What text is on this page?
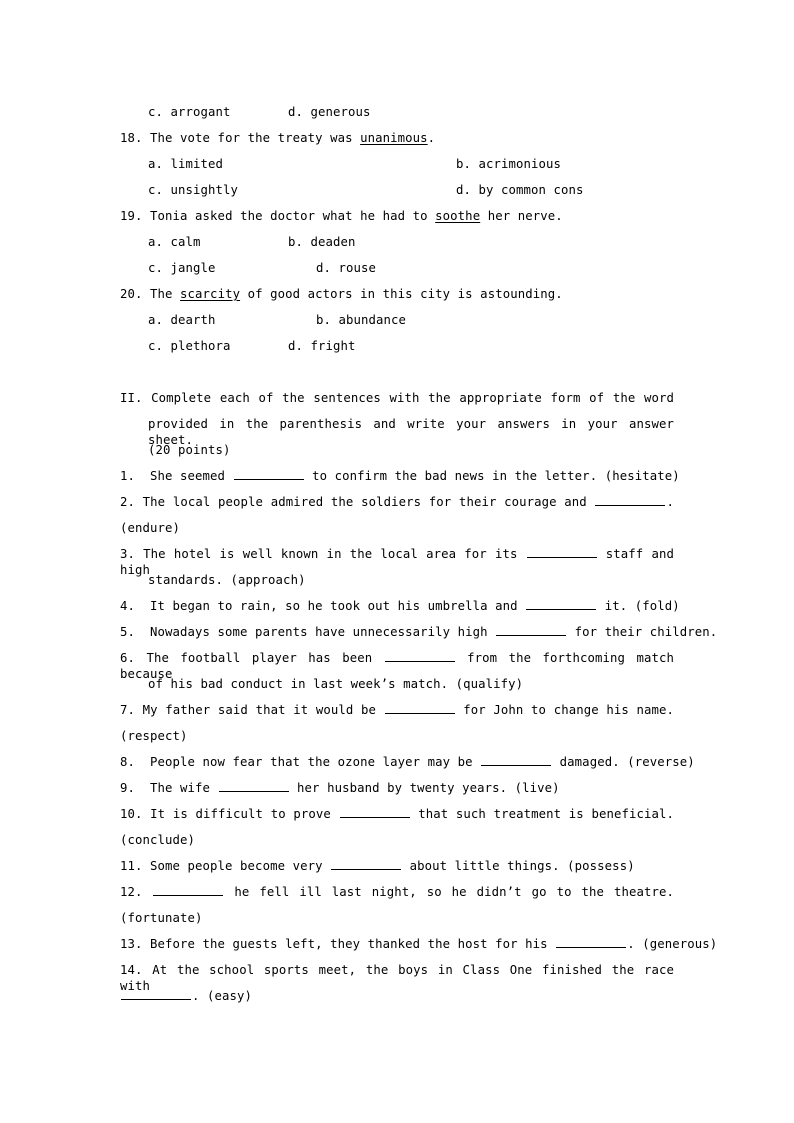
c. arrogant	d. generous
18. The vote for the treaty was unanimous.
a. limited	b. acrimonious
c. unsightly	d. by common cons
19. Tonia asked the doctor what he had to soothe her nerve.
a. calm	b. deaden
c. jangle	d. rouse
20. The scarcity of good actors in this city is astounding.
a. dearth	b. abundance
c. plethora	d. fright
II. Complete each of the sentences with the appropriate form of the word
provided in the parenthesis and write your answers in your answer sheet.
(20 points)
1.  She seemed	to confirm the bad news in the letter. (hesitate)
2. The local people admired the soldiers for their courage and	.
(endure)
3. The hotel is well known in the local area for its	staff and high
standards. (approach)
4.  It began to rain, so he took out his umbrella and	it. (fold)
5.  Nowadays some parents have unnecessarily high	for their children.
6. The football player has been	from the forthcoming match because
of his bad conduct in last week’s match. (qualify)
7. My father said that it would be	for John to change his name.
(respect)
8.  People now fear that the ozone layer may be	damaged. (reverse)
9.  The wife	her husband by twenty years. (live)
10. It is difficult to prove	that such treatment is beneficial.
(conclude)
11. Some people become very	about little things. (possess)
12.	he fell ill last night, so he didn’t go to the theatre.
(fortunate)
13. Before the guests left, they thanked the host for his	. (generous)
14. At the school sports meet, the boys in Class One finished the race with
. (easy)
